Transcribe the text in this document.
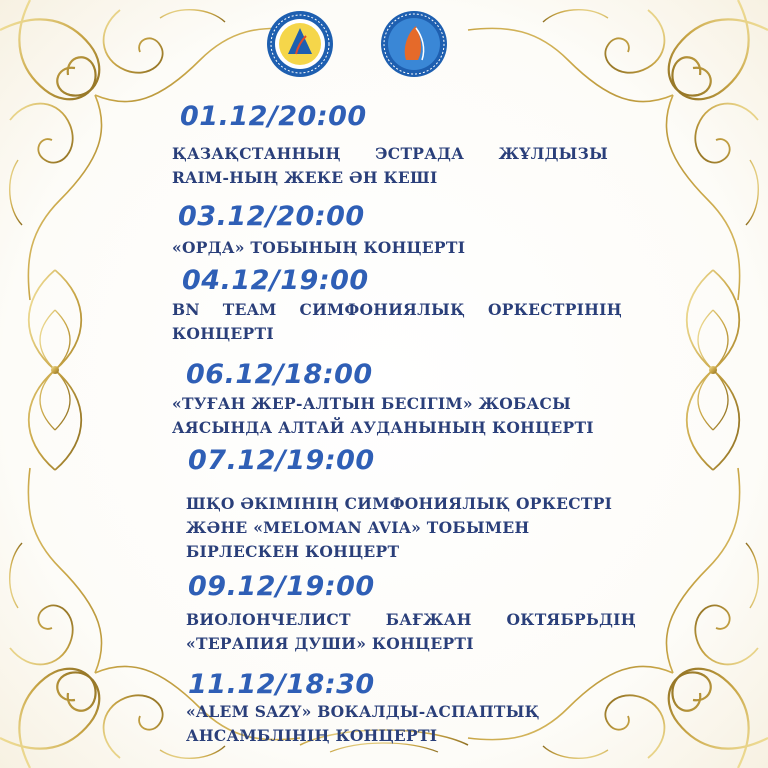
01.12/20:00
ҚАЗАҚСТАННЫҢ ЭСТРАДА ЖҰЛДЫЗЫ
RAIM-НЫҢ ЖЕКЕ ӘН КЕШІ
03.12/20:00
«ОРДА» ТОБЫНЫҢ КОНЦЕРТІ
04.12/19:00
BN TEAM СИМФОНИЯЛЫҚ ОРКЕСТРІНІҢ
КОНЦЕРТІ
06.12/18:00
«ТУҒАН ЖЕР-АЛТЫН БЕСІГІМ» ЖОБАСЫ
АЯСЫНДА АЛТАЙ АУДАНЫНЫҢ КОНЦЕРТІ
07.12/19:00
ШҚО ӘКІМІНІҢ СИМФОНИЯЛЫҚ ОРКЕСТРІ
ЖӘНЕ «MELOMAN AVIA» ТОБЫМЕН
БІРЛЕСКЕН КОНЦЕРТ
09.12/19:00
ВИОЛОНЧЕЛИСТ БАҒЖАН ОКТЯБРЬДІҢ
«ТЕРАПИЯ ДУШИ» КОНЦЕРТІ
11.12/18:30
«ALEM SAZY» ВОКАЛДЫ-АСПАПТЫҚ
АНСАМБЛІНІҢ КОНЦЕРТІ
